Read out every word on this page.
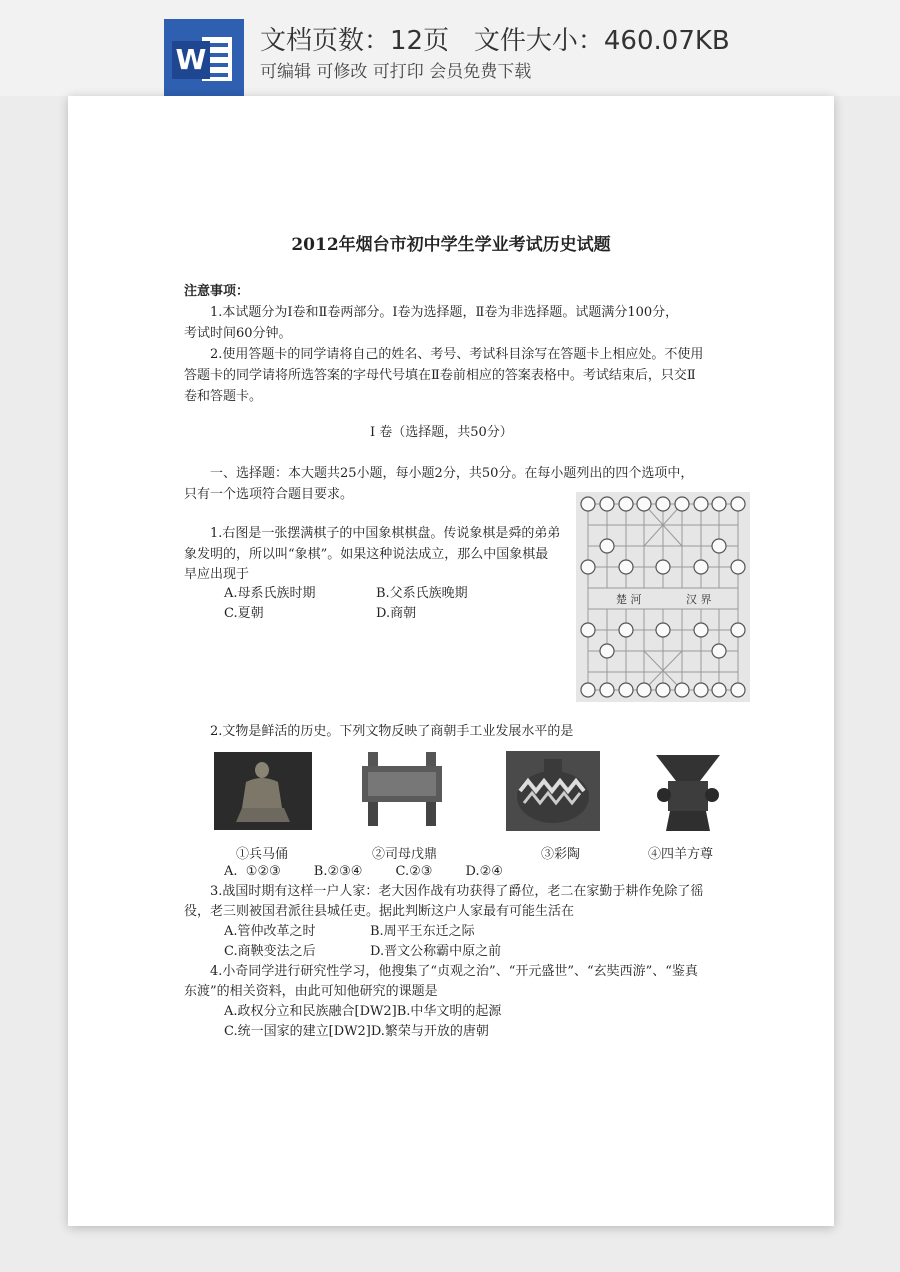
W
文档页数：12页 文件大小：460.07KB
可编辑 可修改 可打印 会员免费下载
2012年烟台市初中学生学业考试历史试题
注意事项：
1.本试题分为Ⅰ卷和Ⅱ卷两部分。Ⅰ卷为选择题，Ⅱ卷为非选择题。试题满分100分，
考试时间60分钟。
2.使用答题卡的同学请将自己的姓名、考号、考试科目涂写在答题卡上相应处。不使用
答题卡的同学请将所选答案的字母代号填在Ⅱ卷前相应的答案表格中。考试结束后，只交Ⅱ
卷和答题卡。
Ⅰ 卷（选择题，共50分）
一、选择题：本大题共25小题，每小题2分，共50分。在每小题列出的四个选项中，
只有一个选项符合题目要求。
1.右图是一张摆满棋子的中国象棋棋盘。传说象棋是舜的弟弟
象发明的，所以叫“象棋”。如果这种说法成立，那么中国象棋最
早应出现于
A.母系氏族时期	B.父系氏族晚期
C.夏朝	D.商朝
楚 河	汉 界
2.文物是鲜活的历史。下列文物反映了商朝手工业发展水平的是
①兵马俑	②司母戊鼎	③彩陶	④四羊方尊
A.  ①②③        B.②③④        C.②③        D.②④
3.战国时期有这样一户人家：老大因作战有功获得了爵位，老二在家勤于耕作免除了徭
役，老三则被国君派往县城任吏。据此判断这户人家最有可能生活在
A.管仲改革之时	B.周平王东迁之际
C.商鞅变法之后	D.晋文公称霸中原之前
4.小奇同学进行研究性学习，他搜集了“贞观之治”、“开元盛世”、“玄奘西游”、“鉴真
东渡”的相关资料，由此可知他研究的课题是
A.政权分立和民族融合[DW2]B.中华文明的起源
C.统一国家的建立[DW2]D.繁荣与开放的唐朝
